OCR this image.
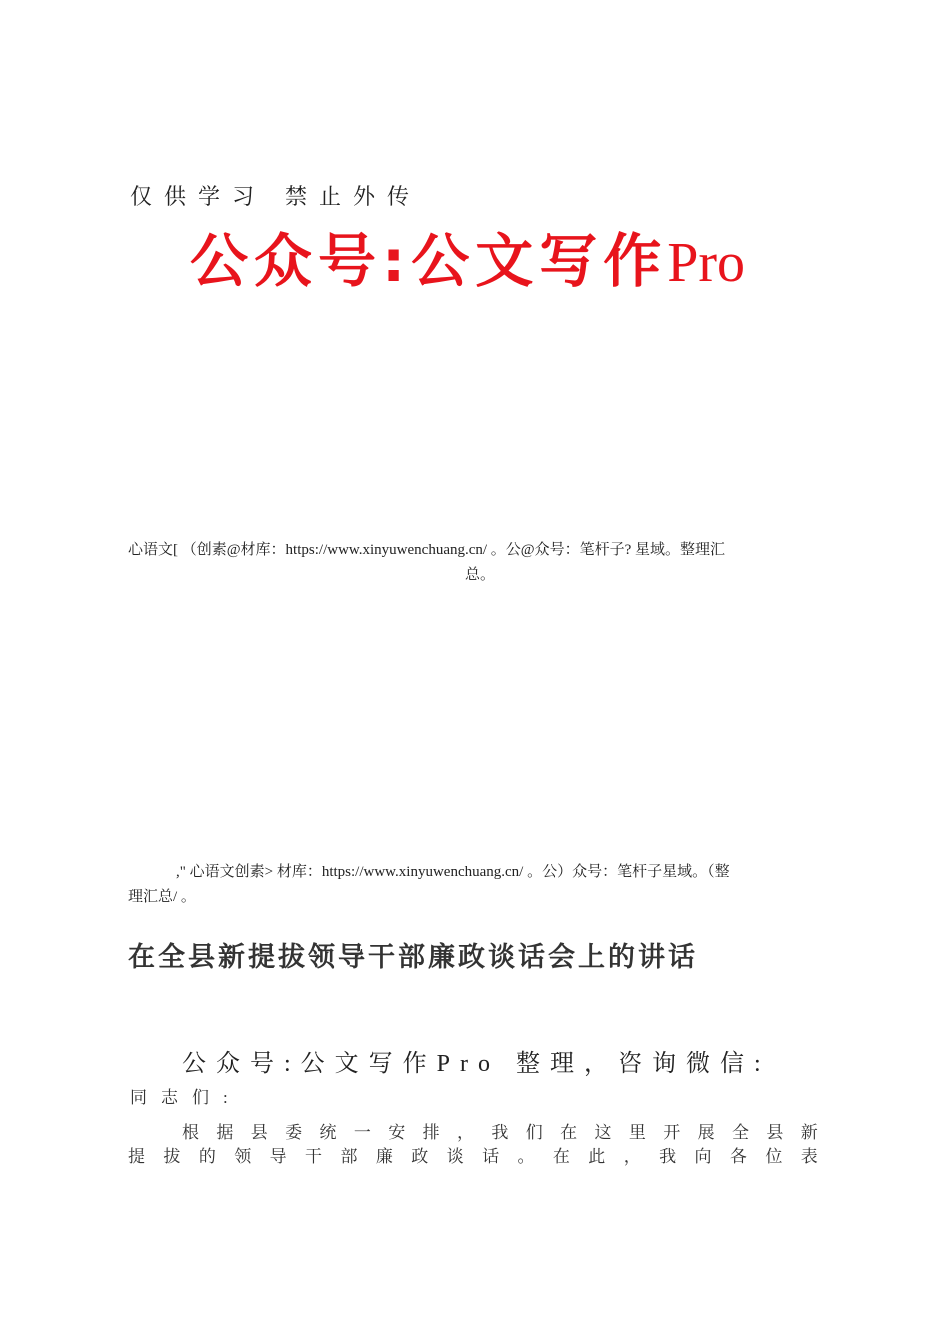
仅供学习 禁止外传
公众号:公文写作Pro
心语文[ （创素@材库：https://www.xinyuwenchuang.cn/ 。公@众号：笔杆子? 星域。整理汇
总。
," 心语文创素> 材库：https://www.xinyuwenchuang.cn/ 。公）众号：笔杆子星域。（整
理汇总/ 。
在全县新提拔领导干部廉政谈话会上的讲话
公众号:公文写作Pro 整理，咨询微信:
同志们:
根 据 县 委 统 一 安 排 ， 我 们 在 这 里 开 展 全 县 新
提 拔 的 领 导 干 部 廉 政 谈 话 。 在 此 ， 我 向 各 位 表
